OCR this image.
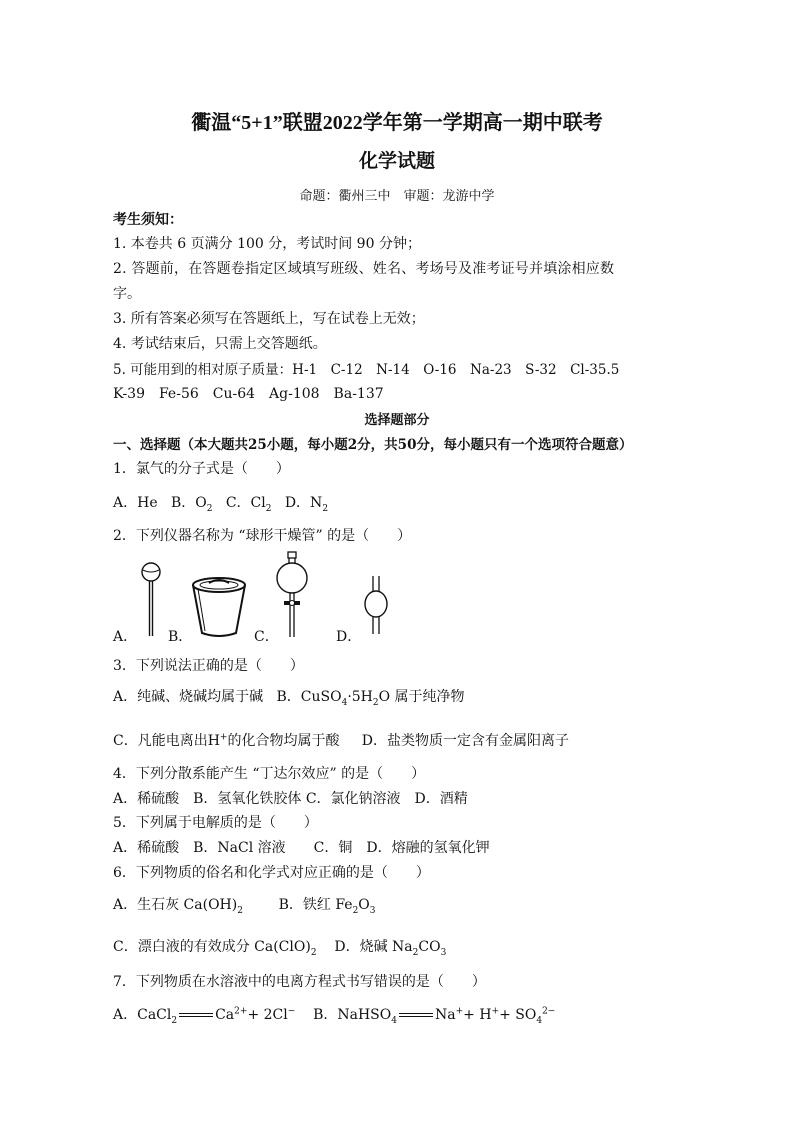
衢温“5+1”联盟2022学年第一学期高一期中联考
化学试题
命题：衢州三中　审题：龙游中学
考生须知：
1. 本卷共 6 页满分 100 分，考试时间 90 分钟；
2. 答题前，在答题卷指定区域填写班级、姓名、考场号及准考证号并填涂相应数
字。
3. 所有答案必须写在答题纸上，写在试卷上无效；
4. 考试结束后，只需上交答题纸。
5. 可能用到的相对原子质量：H-1　C-12　N-14　O-16　Na-23　S-32　Cl-35.5
K-39　Fe-56　Cu-64　Ag-108　Ba-137
选择题部分
一、选择题（本大题共25小题，每小题2分，共50分，每小题只有一个选项符合题意）
1．氯气的分子式是（　　）
A．He B．$O_2$ C．$Cl_2$ D．$N_2$
2．下列仪器名称为 “球形干燥管” 的是（　　）
A． B．	C．	D．
3．下列说法正确的是（　　）
A．纯碱、烧碱均属于碱 B．$CuSO_4\cdot 5H_2O$ 属于纯净物
C．凡能电离出H+的化合物均属于酸 D．盐类物质一定含有金属阳离子
4．下列分散系能产生 “丁达尔效应” 的是（　　）
A．稀硫酸　B．氢氧化铁胶体 C．氯化钠溶液　D．酒精
5．下列属于电解质的是（　　）
A．稀硫酸　B．NaCl 溶液　　C．铜　D．熔融的氢氧化钾
6．下列物质的俗名和化学式对应正确的是（　　）
A．生石灰 $Ca(OH)_2$	B．铁红 $Fe_2O_3$
C．漂白液的有效成分 $Ca(ClO)_2$ D．烧碱 $Na_2CO_3$
7．下列物质在水溶液中的电离方程式书写错误的是（　　）
A．CaCl$_2$	$Ca^{2+}+ 2Cl^-$ B．NaHSO$_4$	$Na^++ H^++ SO_4^{2-}$
